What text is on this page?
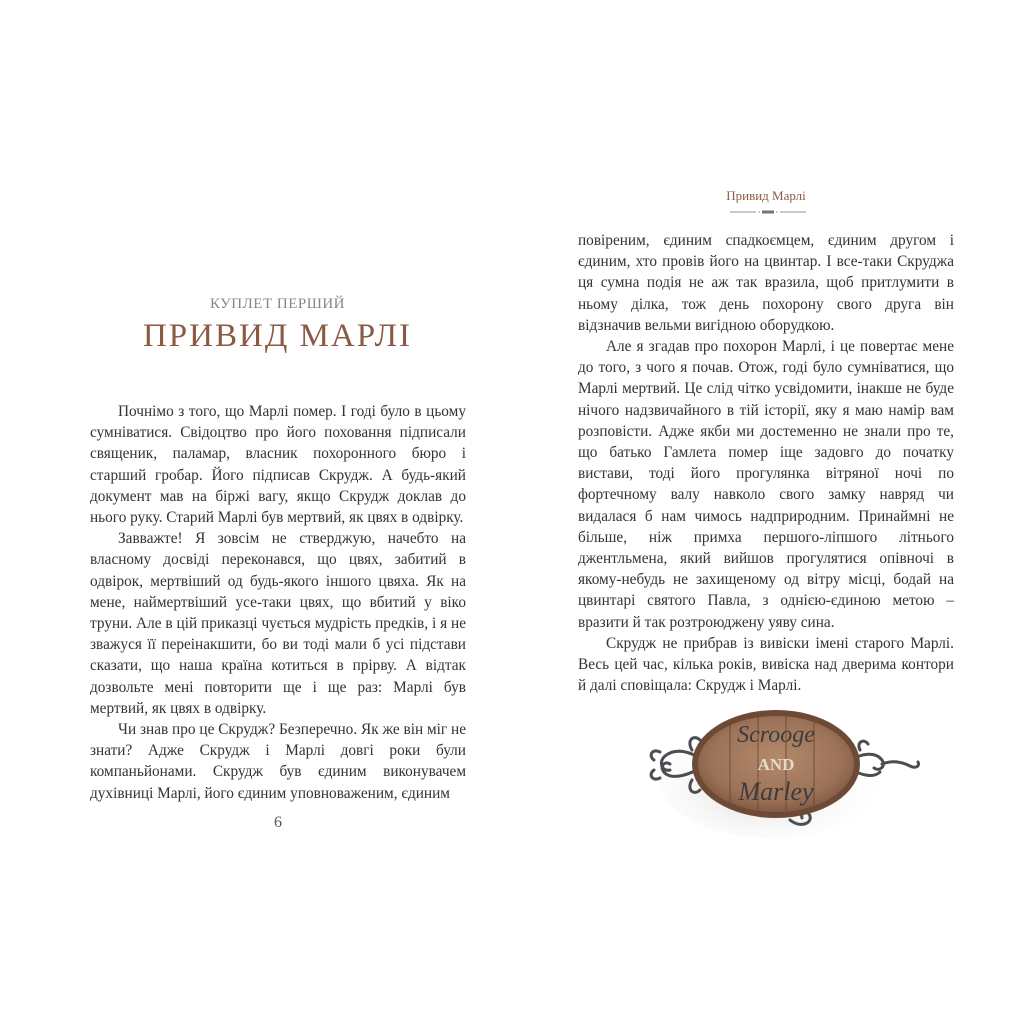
КУПЛЕТ ПЕРШИЙ
ПРИВИД МАРЛІ

Почнімо з того, що Марлі помер. І годі було в цьому сумніватися. Свідоцтво про його поховання підписали священик, паламар, власник похоронного бюро і старший гробар. Його підписав Скрудж. А будь-який документ мав на біржі вагу, якщо Скрудж доклав до нього руку. Старий Марлі був мертвий, як цвях в одвірку.

Завважте! Я зовсім не стверджую, начебто на власному досвіді переконався, що цвях, забитий в одвірок, мертвіший од будь-якого іншого цвяха. Як на мене, наймертвіший усе-таки цвях, що вбитий у віко труни. Але в цій приказці чується мудрість предків, і я не зважуся її переінакшити, бо ви тоді мали б усі підстави сказати, що наша країна котиться в прірву. А відтак дозвольте мені повторити ще і ще раз: Марлі був мертвий, як цвях в одвірку.

Чи знав про це Скрудж? Безперечно. Як же він міг не знати? Адже Скрудж і Марлі довгі роки були компаньйонами. Скрудж був єдиним виконувачем духівниці Марлі, його єдиним уповноваженим, єдиним

6
Привид Марлі

повіреним, єдиним спадкоємцем, єдиним другом і єдиним, хто провів його на цвинтар. І все-таки Скруджа ця сумна подія не аж так вразила, щоб притлумити в ньому ділка, тож день похорону свого друга він відзначив вельми вигідною оборудкою.

Але я згадав про похорон Марлі, і це повертає мене до того, з чого я почав. Отож, годі було сумніватися, що Марлі мертвий. Це слід чітко усвідомити, інакше не буде нічого надзвичайного в тій історії, яку я маю намір вам розповісти. Адже якби ми достеменно не знали про те, що батько Гамлета помер іще задовго до початку вистави, тоді його прогулянка вітряної ночі по фортечному валу навколо свого замку навряд чи видалася б нам чимось надприродним. Принаймні не більше, ніж примха першого-ліпшого літнього джентльмена, який вийшов прогулятися опівночі в якому-небудь не захищеному од вітру місці, бодай на цвинтарі святого Павла, з однією-єдиною метою – вразити й так розтроюджену уяву сина.

Скрудж не прибрав із вивіски імені старого Марлі. Весь цей час, кілька років, вивіска над дверима контори й далі сповіщала: Скрудж і Марлі.

Scrooge
AND
Marley
